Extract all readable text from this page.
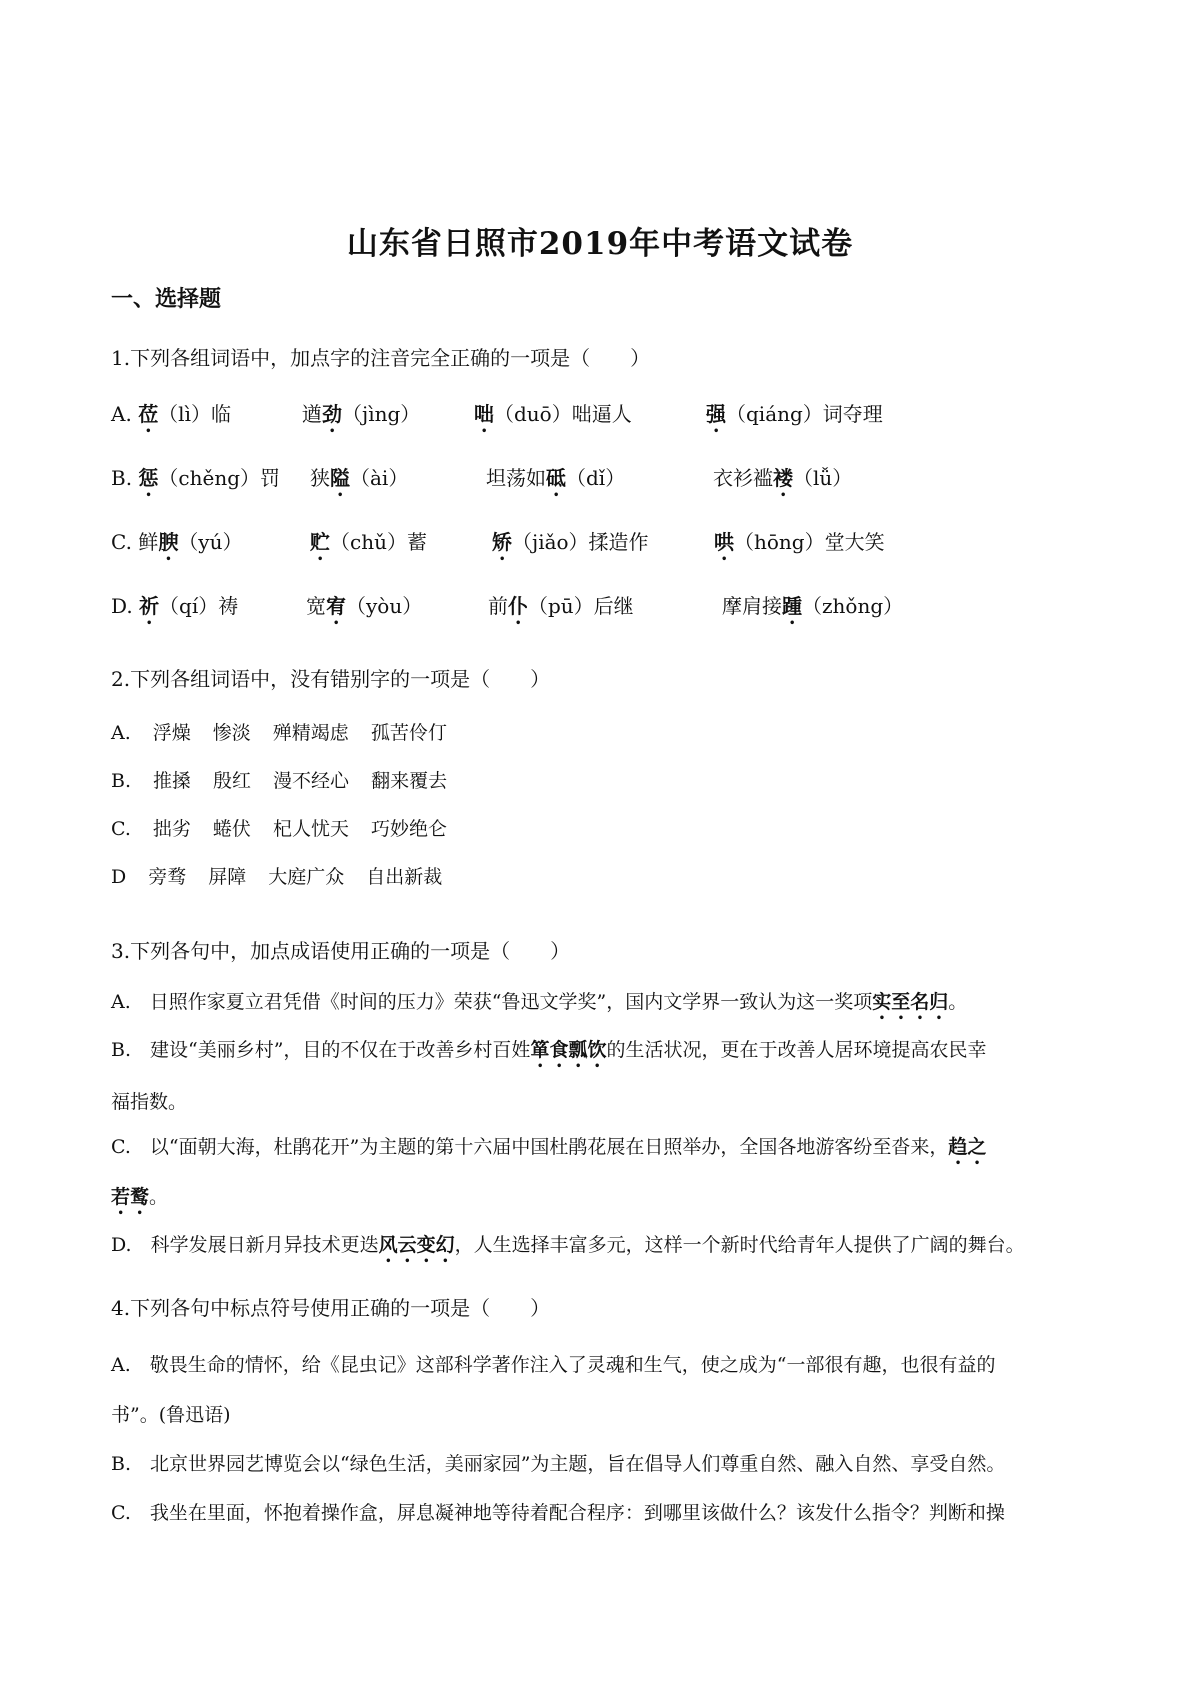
山东省日照市2019年中考语文试卷
一、选择题
1.下列各组词语中，加点字的注音完全正确的一项是（　　）
A. 莅（lì）临	遒劲（jìng）	咄（duō）咄逼人	强（qiáng）词夺理
B. 惩（chěng）罚 狭隘（ài）	坦荡如砥（dǐ）	衣衫褴褛（lǚ）
C. 鲜腴（yú）	贮（chǔ）蓄	矫（jiǎo）揉造作	哄（hōng）堂大笑
D. 祈（qí）祷	宽宥（yòu）	前仆（pū）后继	摩肩接踵（zhǒng）
2.下列各组词语中，没有错别字的一项是（　　）
A. 浮燥 惨淡 殚精竭虑 孤苦伶仃
B. 推搡 殷红 漫不经心 翻来覆去
C. 拙劣 蜷伏 杞人忧天 巧妙绝仑
D 旁骛 屏障 大庭广众 自出新裁
3.下列各句中，加点成语使用正确的一项是（　　）
A.　日照作家夏立君凭借《时间的压力》荣获“鲁迅文学奖”，国内文学界一致认为这一奖项实至名归。
B.　建设“美丽乡村”，目的不仅在于改善乡村百姓箪食瓢饮的生活状况，更在于改善人居环境提高农民幸
福指数。
C.　以“面朝大海，杜鹃花开”为主题的第十六届中国杜鹃花展在日照举办，全国各地游客纷至沓来，趋之
若鹜。
D.　科学发展日新月异技术更迭风云变幻，人生选择丰富多元，这样一个新时代给青年人提供了广阔的舞台。
4.下列各句中标点符号使用正确的一项是（　　）
A.　敬畏生命的情怀，给《昆虫记》这部科学著作注入了灵魂和生气，使之成为“一部很有趣，也很有益的
书”。(鲁迅语)
B.　北京世界园艺博览会以“绿色生活，美丽家园”为主题，旨在倡导人们尊重自然、融入自然、享受自然。
C.　我坐在里面，怀抱着操作盒，屏息凝神地等待着配合程序：到哪里该做什么？该发什么指令？判断和操
